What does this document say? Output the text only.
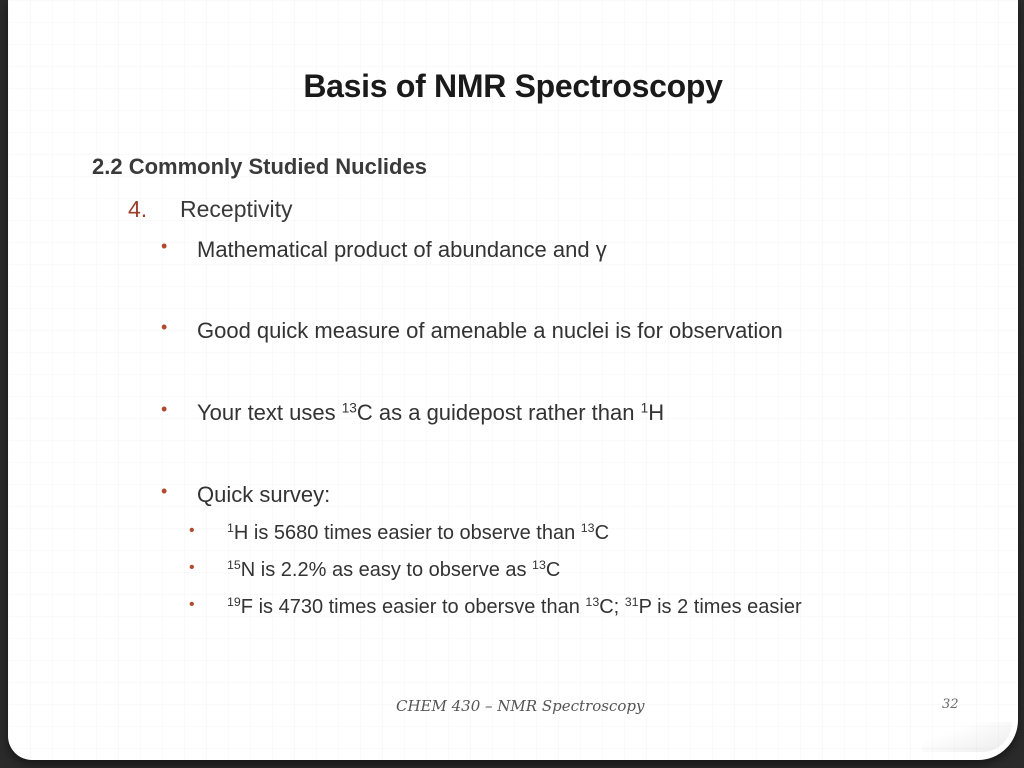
Basis of NMR Spectroscopy
2.2 Commonly Studied Nuclides
4. Receptivity
• Mathematical product of abundance and γ
• Good quick measure of amenable a nuclei is for observation
• Your text uses $^{13}$C as a guidepost rather than $^1$H
• Quick survey:
•	$^1$H is 5680 times easier to observe than $^{13}$C
•	$^{15}$N is 2.2% as easy to observe as $^{13}$C
•	$^{19}$F is 4730 times easier to obersve than $^{13}$C; $^{31}$P is 2 times easier
CHEM 430 – NMR Spectroscopy	32
